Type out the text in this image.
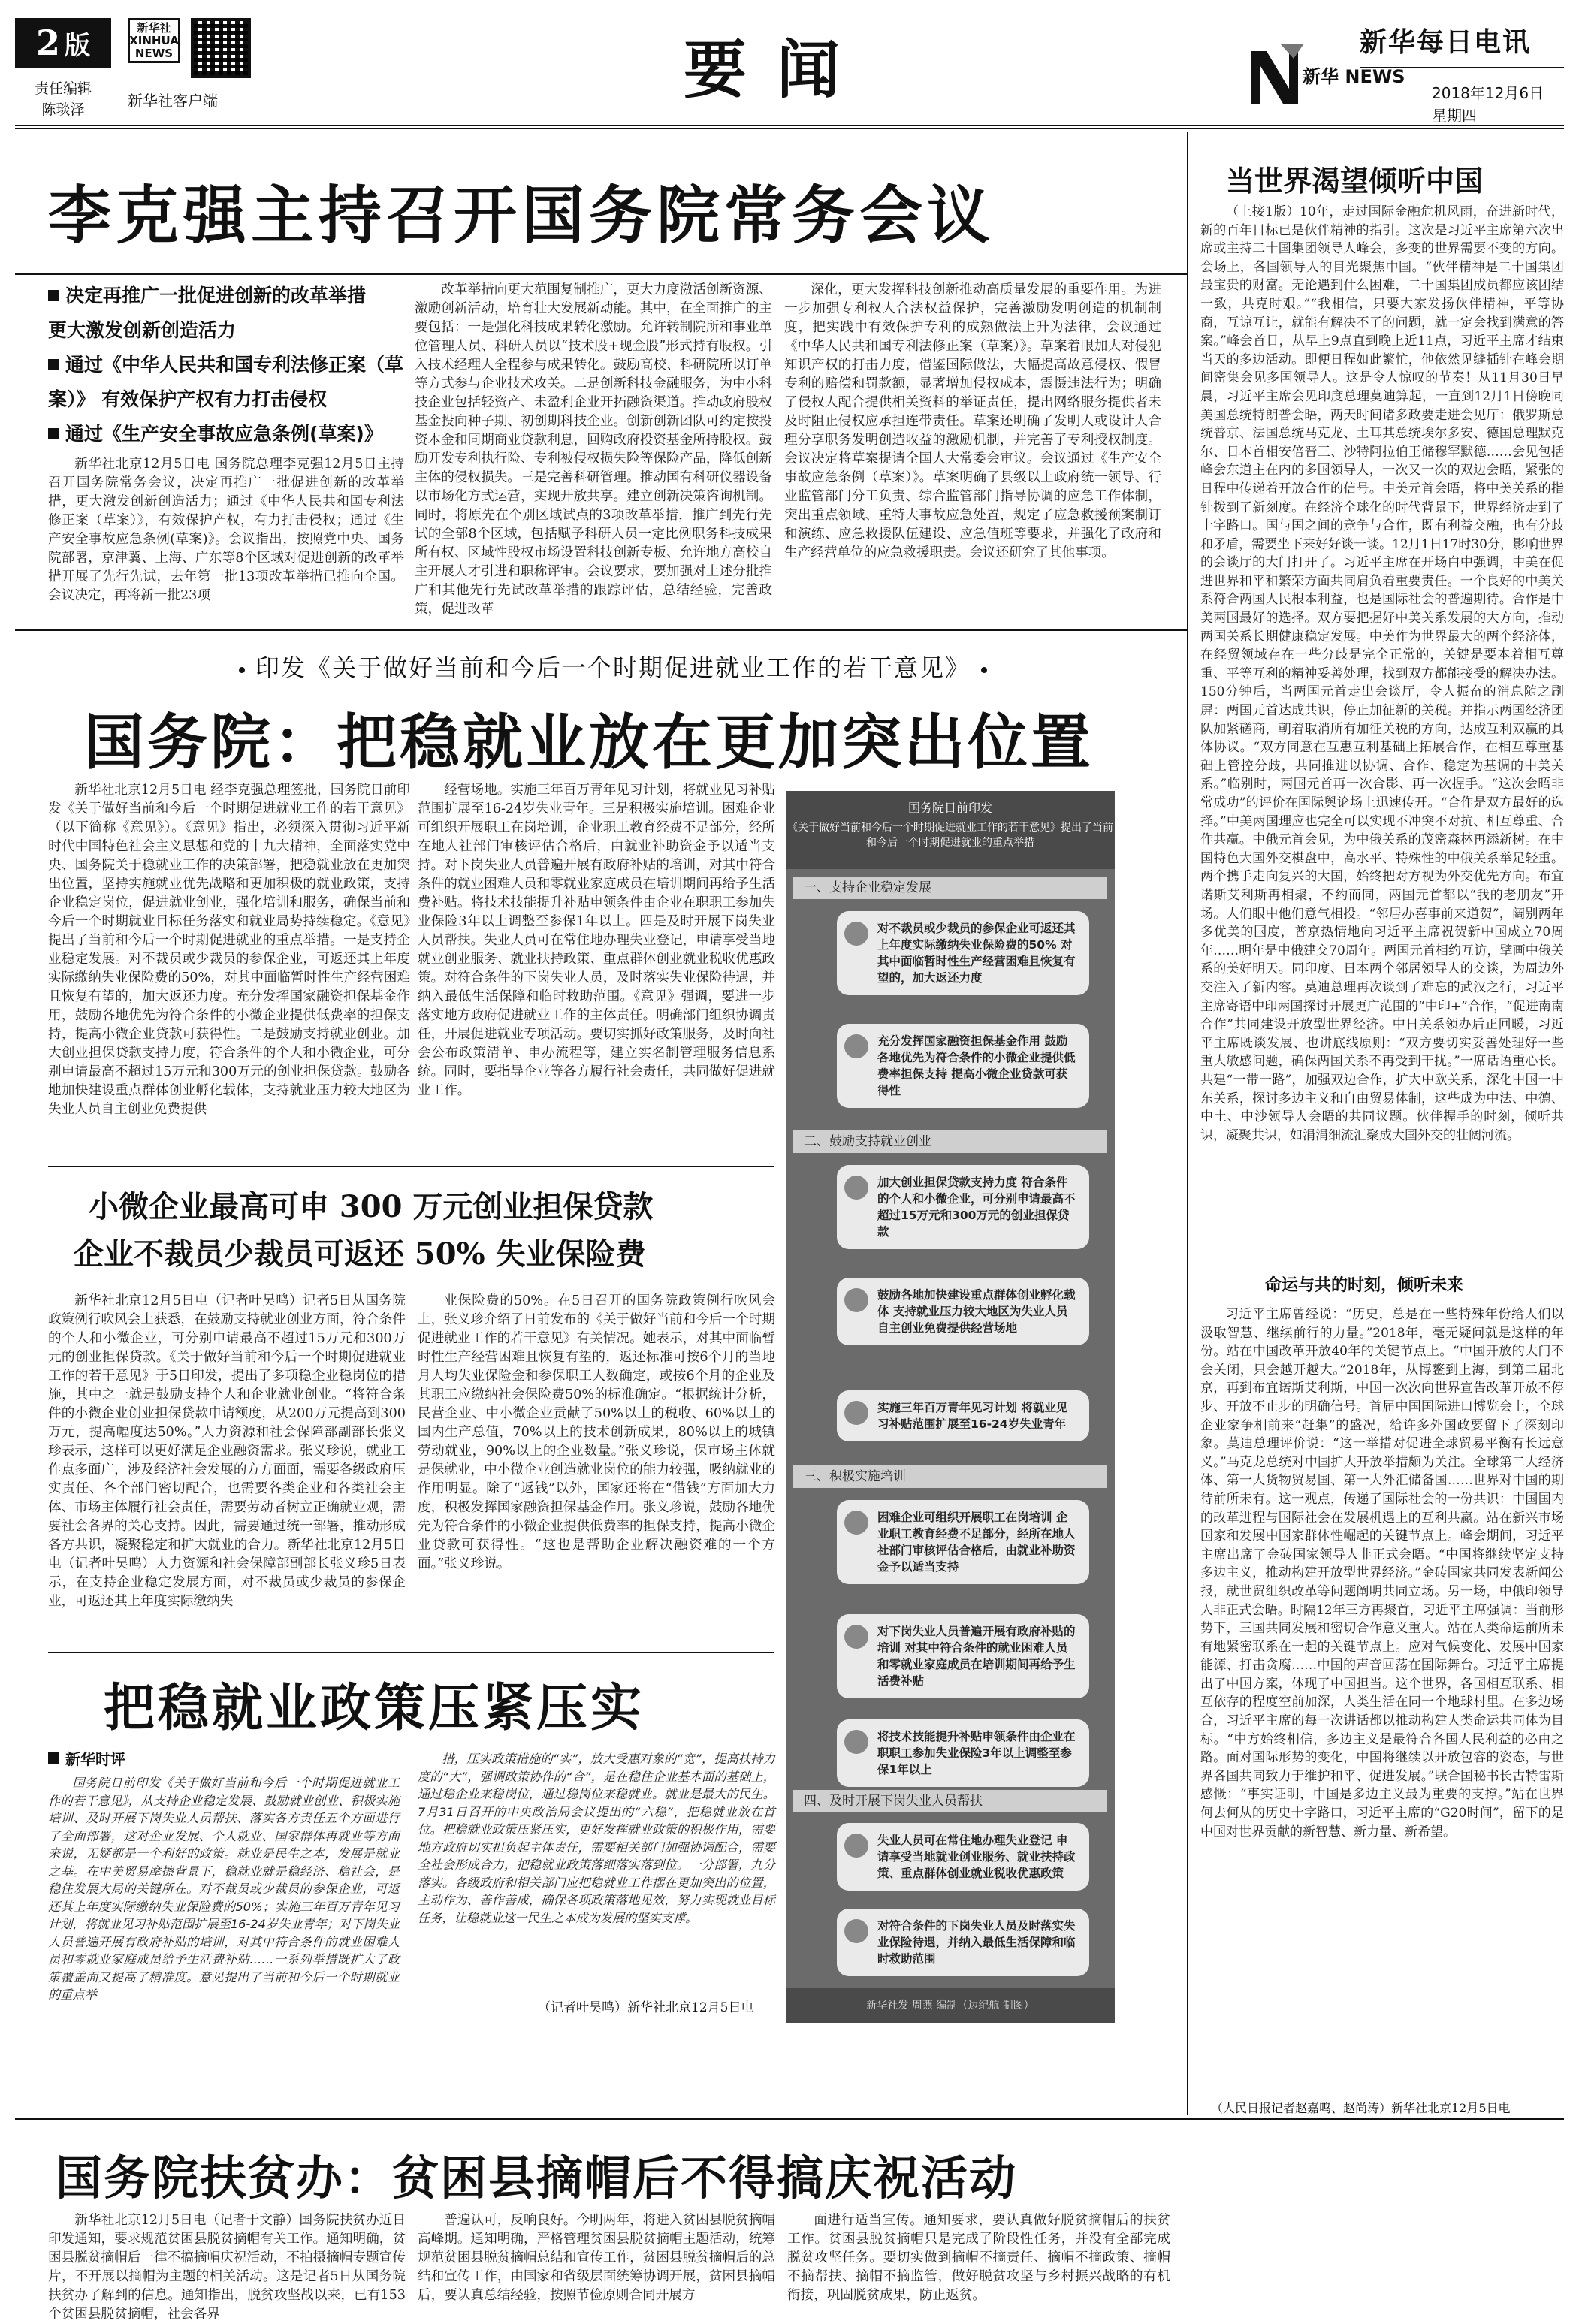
2 版
责任编辑
陈琰泽
新华社 XINHUA NEWS
新华社客户端	要闻	新华 NEWS
新华每日电讯
2018年12月6日
星期四
李克强主持召开国务院常务会议
决定再推广一批促进创新的改革举措
更大激发创新创造活力
通过《中华人民共和国专利法修正案（草
案）》 有效保护产权有力打击侵权
通过《生产安全事故应急条例(草案)》

新华社北京12月5日电 国务院总理李克强12月5日主持召开国务院常务会议，决定再推广一批促进创新的改革举措，更大激发创新创造活力；通过《中华人民共和国专利法修正案（草案）》，有效保护产权，有力打击侵权；通过《生产安全事故应急条例(草案)》。会议指出，按照党中央、国务院部署，京津冀、上海、广东等8个区域对促进创新的改革举措开展了先行先试，去年第一批13项改革举措已推向全国。会议决定，再将新一批23项

改革举措向更大范围复制推广，更大力度激活创新资源、激励创新活动，培育壮大发展新动能。其中，在全面推广的主要包括：一是强化科技成果转化激励。允许转制院所和事业单位管理人员、科研人员以“技术股+现金股”形式持有股权。引入技术经理人全程参与成果转化。鼓励高校、科研院所以订单等方式参与企业技术攻关。二是创新科技金融服务，为中小科技企业包括轻资产、未盈利企业开拓融资渠道。推动政府股权基金投向种子期、初创期科技企业。创新创新团队可约定按投资本金和同期商业贷款利息，回购政府投资基金所持股权。鼓励开发专利执行险、专利被侵权损失险等保险产品，降低创新主体的侵权损失。三是完善科研管理。推动国有科研仪器设备以市场化方式运营，实现开放共享。建立创新决策咨询机制。同时，将原先在个别区域试点的3项改革举措，推广到先行先试的全部8个区域，包括赋予科研人员一定比例职务科技成果所有权、区域性股权市场设置科技创新专板、允许地方高校自主开展人才引进和职称评审。会议要求，要加强对上述分批推广和其他先行先试改革举措的跟踪评估，总结经验，完善政策，促进改革

深化，更大发挥科技创新推动高质量发展的重要作用。为进一步加强专利权人合法权益保护，完善激励发明创造的机制制度，把实践中有效保护专利的成熟做法上升为法律，会议通过《中华人民共和国专利法修正案（草案）》。草案着眼加大对侵犯知识产权的打击力度，借鉴国际做法，大幅提高故意侵权、假冒专利的赔偿和罚款额，显著增加侵权成本，震慑违法行为；明确了侵权人配合提供相关资料的举证责任，提出网络服务提供者未及时阻止侵权应承担连带责任。草案还明确了发明人或设计人合理分享职务发明创造收益的激励机制，并完善了专利授权制度。会议决定将草案提请全国人大常委会审议。会议通过《生产安全事故应急条例（草案）》。草案明确了县级以上政府统一领导、行业监管部门分工负责、综合监管部门指导协调的应急工作体制，突出重点领域、重特大事故应急处置，规定了应急救援预案制订和演练、应急救援队伍建设、应急值班等要求，并强化了政府和生产经营单位的应急救援职责。会议还研究了其他事项。

印发《关于做好当前和今后一个时期促进就业工作的若干意见》
国务院：把稳就业放在更加突出位置

新华社北京12月5日电 经李克强总理签批，国务院日前印发《关于做好当前和今后一个时期促进就业工作的若干意见》（以下简称《意见》）。《意见》指出，必须深入贯彻习近平新时代中国特色社会主义思想和党的十九大精神，全面落实党中央、国务院关于稳就业工作的决策部署，把稳就业放在更加突出位置，坚持实施就业优先战略和更加积极的就业政策，支持企业稳定岗位，促进就业创业，强化培训和服务，确保当前和今后一个时期就业目标任务落实和就业局势持续稳定。《意见》提出了当前和今后一个时期促进就业的重点举措。一是支持企业稳定发展。对不裁员或少裁员的参保企业，可返还其上年度实际缴纳失业保险费的50%，对其中面临暂时性生产经营困难且恢复有望的，加大返还力度。充分发挥国家融资担保基金作用，鼓励各地优先为符合条件的小微企业提供低费率的担保支持，提高小微企业贷款可获得性。二是鼓励支持就业创业。加大创业担保贷款支持力度，符合条件的个人和小微企业，可分别申请最高不超过15万元和300万元的创业担保贷款。鼓励各地加快建设重点群体创业孵化载体，支持就业压力较大地区为失业人员自主创业免费提供

经营场地。实施三年百万青年见习计划，将就业见习补贴范围扩展至16-24岁失业青年。三是积极实施培训。困难企业可组织开展职工在岗培训，企业职工教育经费不足部分，经所在地人社部门审核评估合格后，由就业补助资金予以适当支持。对下岗失业人员普遍开展有政府补贴的培训，对其中符合条件的就业困难人员和零就业家庭成员在培训期间再给予生活费补贴。将技术技能提升补贴申领条件由企业在职职工参加失业保险3年以上调整至参保1年以上。四是及时开展下岗失业人员帮扶。失业人员可在常住地办理失业登记，申请享受当地就业创业服务、就业扶持政策、重点群体创业就业税收优惠政策。对符合条件的下岗失业人员，及时落实失业保险待遇，并纳入最低生活保障和临时救助范围。《意见》强调，要进一步落实地方政府促进就业工作的主体责任。明确部门组织协调责任，开展促进就业专项活动。要切实抓好政策服务，及时向社会公布政策清单、申办流程等，建立实名制管理服务信息系统。同时，要指导企业等各方履行社会责任，共同做好促进就业工作。

小微企业最高可申 300 万元创业担保贷款
企业不裁员少裁员可返还 50% 失业保险费

新华社北京12月5日电（记者叶昊鸣）记者5日从国务院政策例行吹风会上获悉，在鼓励支持就业创业方面，符合条件的个人和小微企业，可分别申请最高不超过15万元和300万元的创业担保贷款。《关于做好当前和今后一个时期促进就业工作的若干意见》于5日印发，提出了多项稳企业稳岗位的措施，其中之一就是鼓励支持个人和企业就业创业。“将符合条件的小微企业创业担保贷款申请额度，从200万元提高到300万元，提高幅度达50%。”人力资源和社会保障部副部长张义珍表示，这样可以更好满足企业融资需求。张义珍说，就业工作点多面广，涉及经济社会发展的方方面面，需要各级政府压实责任、各个部门密切配合，也需要各类企业和各类社会主体、市场主体履行社会责任，需要劳动者树立正确就业观，需要社会各界的关心支持。因此，需要通过统一部署，推动形成各方共识，凝聚稳定和扩大就业的合力。新华社北京12月5日电（记者叶昊鸣）人力资源和社会保障部副部长张义珍5日表示，在支持企业稳定发展方面，对不裁员或少裁员的参保企业，可返还其上年度实际缴纳失

业保险费的50%。在5日召开的国务院政策例行吹风会上，张义珍介绍了日前发布的《关于做好当前和今后一个时期促进就业工作的若干意见》有关情况。她表示，对其中面临暂时性生产经营困难且恢复有望的，返还标准可按6个月的当地月人均失业保险金和参保职工人数确定，或按6个月的企业及其职工应缴纳社会保险费50%的标准确定。“根据统计分析，民营企业、中小微企业贡献了50%以上的税收、60%以上的国内生产总值，70%以上的技术创新成果，80%以上的城镇劳动就业，90%以上的企业数量。”张义珍说，保市场主体就是保就业，中小微企业创造就业岗位的能力较强，吸纳就业的作用明显。除了“返钱”以外，国家还将在“借钱”方面加大力度，积极发挥国家融资担保基金作用。张义珍说，鼓励各地优先为符合条件的小微企业提供低费率的担保支持，提高小微企业贷款可获得性。“这也是帮助企业解决融资难的一个方面。”张义珍说。

把稳就业政策压紧压实
新华时评

国务院日前印发《关于做好当前和今后一个时期促进就业工作的若干意见》，从支持企业稳定发展、鼓励就业创业、积极实施培训、及时开展下岗失业人员帮扶、落实各方责任五个方面进行了全面部署，这对企业发展、个人就业、国家群体再就业等方面来说，无疑都是一个利好的政策。就业是民生之本，发展是就业之基。在中美贸易摩擦背景下，稳就业就是稳经济、稳社会，是稳住发展大局的关键所在。对不裁员或少裁员的参保企业，可返还其上年度实际缴纳失业保险费的50%；实施三年百万青年见习计划，将就业见习补贴范围扩展至16-24岁失业青年；对下岗失业人员普遍开展有政府补贴的培训，对其中符合条件的就业困难人员和零就业家庭成员给予生活费补贴……一系列举措既扩大了政策覆盖面又提高了精准度。意见提出了当前和今后一个时期就业的重点举

措，压实政策措施的“实”，放大受惠对象的“宽”，提高扶持力度的“大”，强调政策协作的“合”，是在稳住企业基本面的基础上，通过稳企业来稳岗位，通过稳岗位来稳就业。就业是最大的民生。7月31日召开的中央政治局会议提出的“六稳”，把稳就业放在首位。把稳就业政策压紧压实，更好发挥就业政策的积极作用，需要地方政府切实担负起主体责任，需要相关部门加强协调配合，需要全社会形成合力，把稳就业政策落细落实落到位。一分部署，九分落实。各级政府和相关部门应把稳就业工作摆在更加突出的位置，主动作为、善作善成，确保各项政策落地见效，努力实现就业目标任务，让稳就业这一民生之本成为发展的坚实支撑。

（记者叶昊鸣）新华社北京12月5日电
国务院日前印发
《关于做好当前和今后一个时期促进就业工作的若干意见》提出了当前和今后一个时期促进就业的重点举措
一、支持企业稳定发展
对不裁员或少裁员的参保企业可返还其上年度实际缴纳失业保险费的50% 对其中面临暂时性生产经营困难且恢复有望的，加大返还力度
充分发挥国家融资担保基金作用 鼓励各地优先为符合条件的小微企业提供低费率担保支持 提高小微企业贷款可获得性
二、鼓励支持就业创业
加大创业担保贷款支持力度 符合条件的个人和小微企业，可分别申请最高不超过15万元和300万元的创业担保贷款
鼓励各地加快建设重点群体创业孵化载体 支持就业压力较大地区为失业人员自主创业免费提供经营场地
实施三年百万青年见习计划 将就业见习补贴范围扩展至16-24岁失业青年
三、积极实施培训
困难企业可组织开展职工在岗培训 企业职工教育经费不足部分，经所在地人社部门审核评估合格后，由就业补助资金予以适当支持
对下岗失业人员普遍开展有政府补贴的培训 对其中符合条件的就业困难人员和零就业家庭成员在培训期间再给予生活费补贴
将技术技能提升补贴申领条件由企业在职职工参加失业保险3年以上调整至参保1年以上
四、及时开展下岗失业人员帮扶
失业人员可在常住地办理失业登记 申请享受当地就业创业服务、就业扶持政策、重点群体创业就业税收优惠政策
对符合条件的下岗失业人员及时落实失业保险待遇，并纳入最低生活保障和临时救助范围
新华社发 周燕 编制（边纪航 制图）
当世界渴望倾听中国

（上接1版）10年，走过国际金融危机风雨，奋进新时代，新的百年目标已是伙伴精神的指引。这次是习近平主席第六次出席或主持二十国集团领导人峰会，多变的世界需要不变的方向。会场上，各国领导人的目光聚焦中国。“伙伴精神是二十国集团最宝贵的财富。无论遇到什么困难，二十国集团成员都应该团结一致，共克时艰。”“我相信，只要大家发扬伙伴精神，平等协商，互谅互让，就能有解决不了的问题，就一定会找到满意的答案。”峰会首日，从早上9点直到晚上近11点，习近平主席才结束当天的多边活动。即便日程如此繁忙，他依然见缝插针在峰会期间密集会见多国领导人。这是令人惊叹的节奏！从11月30日早晨，习近平主席会见印度总理莫迪算起，一直到12月1日傍晚同美国总统特朗普会晤，两天时间诸多政要走进会见厅：俄罗斯总统普京、法国总统马克龙、土耳其总统埃尔多安、德国总理默克尔、日本首相安倍晋三、沙特阿拉伯王储穆罕默德……会见包括峰会东道主在内的多国领导人，一次又一次的双边会晤，紧张的日程中传递着开放合作的信号。中美元首会晤，将中美关系的指针拨到了新刻度。在经济全球化的时代背景下，世界经济走到了十字路口。国与国之间的竞争与合作，既有利益交融，也有分歧和矛盾，需要坐下来好好谈一谈。12月1日17时30分，影响世界的会谈厅的大门打开了。习近平主席在开场白中强调，中美在促进世界和平和繁荣方面共同肩负着重要责任。一个良好的中美关系符合两国人民根本利益，也是国际社会的普遍期待。合作是中美两国最好的选择。双方要把握好中美关系发展的大方向，推动两国关系长期健康稳定发展。中美作为世界最大的两个经济体，在经贸领域存在一些分歧是完全正常的，关键是要本着相互尊重、平等互利的精神妥善处理，找到双方都能接受的解决办法。150分钟后，当两国元首走出会谈厅，令人振奋的消息随之刷屏：两国元首达成共识，停止加征新的关税。并指示两国经济团队加紧磋商，朝着取消所有加征关税的方向，达成互利双赢的具体协议。“双方同意在互惠互利基础上拓展合作，在相互尊重基础上管控分歧，共同推进以协调、合作、稳定为基调的中美关系。”临别时，两国元首再一次合影、再一次握手。“这次会晤非常成功”的评价在国际舆论场上迅速传开。“合作是双方最好的选择。”中美两国理应也完全可以实现不冲突不对抗、相互尊重、合作共赢。中俄元首会见，为中俄关系的茂密森林再添新树。在中国特色大国外交棋盘中，高水平、特殊性的中俄关系举足轻重。两个携手走向复兴的大国，始终把对方视为外交优先方向。布宜诺斯艾利斯再相聚，不约而同，两国元首都以“我的老朋友”开场。人们眼中他们意气相投。“邻居办喜事前来道贺”，阔别两年多优美的国度，普京热情地向习近平主席祝贺新中国成立70周年……明年是中俄建交70周年。两国元首相约互访，擘画中俄关系的美好明天。同印度、日本两个邻居领导人的交谈，为周边外交注入了新内容。莫迪总理再次谈到了难忘的武汉之行，习近平主席寄语中印两国探讨开展更广范围的“中印+”合作，“促进南南合作”共同建设开放型世界经济。中日关系领办后正回暖，习近平主席既谈发展、也讲底线原则：“双方要切实妥善处理好一些重大敏感问题，确保两国关系不再受到干扰。”一席话语重心长。共建“一带一路”，加强双边合作，扩大中欧关系，深化中国一中东关系，探讨多边主义和自由贸易体制，这些成为中法、中德、中土、中沙领导人会晤的共同议题。伙伴握手的时刻，倾听共识，凝聚共识，如涓涓细流汇聚成大国外交的壮阔河流。

命运与共的时刻，倾听未来

习近平主席曾经说：“历史，总是在一些特殊年份给人们以汲取智慧、继续前行的力量。”2018年，毫无疑问就是这样的年份。站在中国改革开放40年的关键节点上。“中国开放的大门不会关闭，只会越开越大。”2018年，从博鳌到上海，到第二届北京，再到布宜诺斯艾利斯，中国一次次向世界宣告改革开放不停步、开放不止步的明确信号。首届中国国际进口博览会上，全球企业家争相前来“赶集”的盛况，给许多外国政要留下了深刻印象。莫迪总理评价说：“这一举措对促进全球贸易平衡有长远意义。”马克龙总统对中国扩大开放举措颇为关注。全球第二大经济体、第一大货物贸易国、第一大外汇储备国……世界对中国的期待前所未有。这一观点，传递了国际社会的一份共识：中国国内的改革进程与国际社会在发展机遇上的互利共赢。站在新兴市场国家和发展中国家群体性崛起的关键节点上。峰会期间，习近平主席出席了金砖国家领导人非正式会晤。“中国将继续坚定支持多边主义，推动构建开放型世界经济。”金砖国家共同发表新闻公报，就世贸组织改革等问题阐明共同立场。另一场，中俄印领导人非正式会晤。时隔12年三方再聚首，习近平主席强调：当前形势下，三国共同发展和密切合作意义重大。站在人类命运前所未有地紧密联系在一起的关键节点上。应对气候变化、发展中国家能源、打击贪腐……中国的声音回荡在国际舞台。习近平主席提出了中国方案，体现了中国担当。这个世界，各国相互联系、相互依存的程度空前加深，人类生活在同一个地球村里。在多边场合，习近平主席的每一次讲话都以推动构建人类命运共同体为目标。“中方始终相信，多边主义是最符合各国人民利益的必由之路。面对国际形势的变化，中国将继续以开放包容的姿态，与世界各国共同致力于维护和平、促进发展。”联合国秘书长古特雷斯感慨：“事实证明，中国是多边主义最为重要的支撑。”站在世界何去何从的历史十字路口，习近平主席的“G20时间”，留下的是中国对世界贡献的新智慧、新力量、新希望。

（人民日报记者赵嘉鸣、赵尚涛）新华社北京12月5日电
国务院扶贫办：贫困县摘帽后不得搞庆祝活动

新华社北京12月5日电（记者于文静）国务院扶贫办近日印发通知，要求规范贫困县脱贫摘帽有关工作。通知明确，贫困县脱贫摘帽后一律不搞摘帽庆祝活动，不拍摄摘帽专题宣传片，不开展以摘帽为主题的相关活动。这是记者5日从国务院扶贫办了解到的信息。通知指出，脱贫攻坚战以来，已有153个贫困县脱贫摘帽，社会各界

普遍认可，反响良好。今明两年，将进入贫困县脱贫摘帽高峰期。通知明确，严格管理贫困县脱贫摘帽主题活动，统筹规范贫困县脱贫摘帽总结和宣传工作，贫困县脱贫摘帽后的总结和宣传工作，由国家和省级层面统筹协调开展，贫困县摘帽后，要认真总结经验，按照节俭原则合同开展方

面进行适当宣传。通知要求，要认真做好脱贫摘帽后的扶贫工作。贫困县脱贫摘帽只是完成了阶段性任务，并没有全部完成脱贫攻坚任务。要切实做到摘帽不摘责任、摘帽不摘政策、摘帽不摘帮扶、摘帽不摘监管，做好脱贫攻坚与乡村振兴战略的有机衔接，巩固脱贫成果，防止返贫。
